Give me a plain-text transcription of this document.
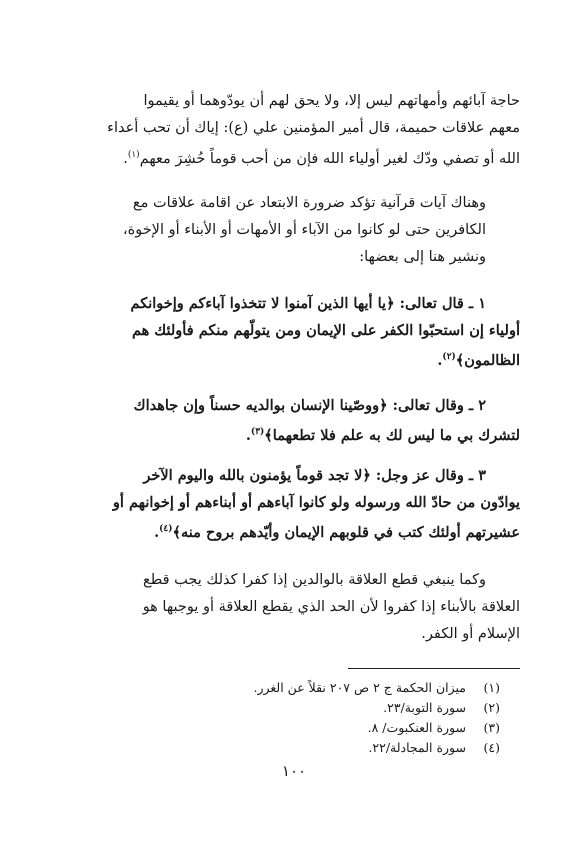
حاجة آبائهم وأمهاتهم ليس إلا، ولا يحق لهم أن يودّوهما أو يقيموا
معهم علاقات حميمة، قال أمير المؤمنين علي (ع): إياك أن تحب أعداء
الله أو تصفي ودّك لغير أولياء الله فإن من أحب قوماً حُشِرَ معهم$^{(١)}$.

وهناك آيات قرآنية تؤكد ضرورة الابتعاد عن اقامة علاقات مع
الكافرين حتى لو كانوا من الآباء أو الأمهات أو الأبناء أو الإخوة،
ونشير هنا إلى بعضها:

١ ـ قال تعالى: ﴿يا أيها الذين آمنوا لا تتخذوا آباءكم وإخوانكم
أولياء إن استحبّوا الكفر على الإيمان ومن يتولّهم منكم فأولئك هم
الظالمون﴾$^{(٢)}$.

٢ ـ وقال تعالى: ﴿ووصّينا الإنسان بوالديه حسناً وإن جاهداك
لتشرك بي ما ليس لك به علم فلا تطعهما﴾$^{(٣)}$.

٣ ـ وقال عز وجل: ﴿لا تجد قوماً يؤمنون بالله واليوم الآخر
يوادّون من حادّ الله ورسوله ولو كانوا آباءهم أو أبناءهم أو إخوانهم أو
عشيرتهم أولئك كتب في قلوبهم الإيمان وأيّدهم بروح منه﴾$^{(٤)}$.

وكما ينبغي قطع العلاقة بالوالدين إذا كفرا كذلك يجب قطع
العلاقة بالأبناء إذا كفروا لأن الحد الذي يقطع العلاقة أو يوجبها هو
الإسلام أو الكفر.

(١)ميزان الحكمة ج ٢ ص ٢٠٧ نقلاً عن الغرر.
(٢)سورة التوبة/٢٣.
(٣)سورة العنكبوت/ ٨.
(٤)سورة المجادلة/٢٢.
١٠٠
